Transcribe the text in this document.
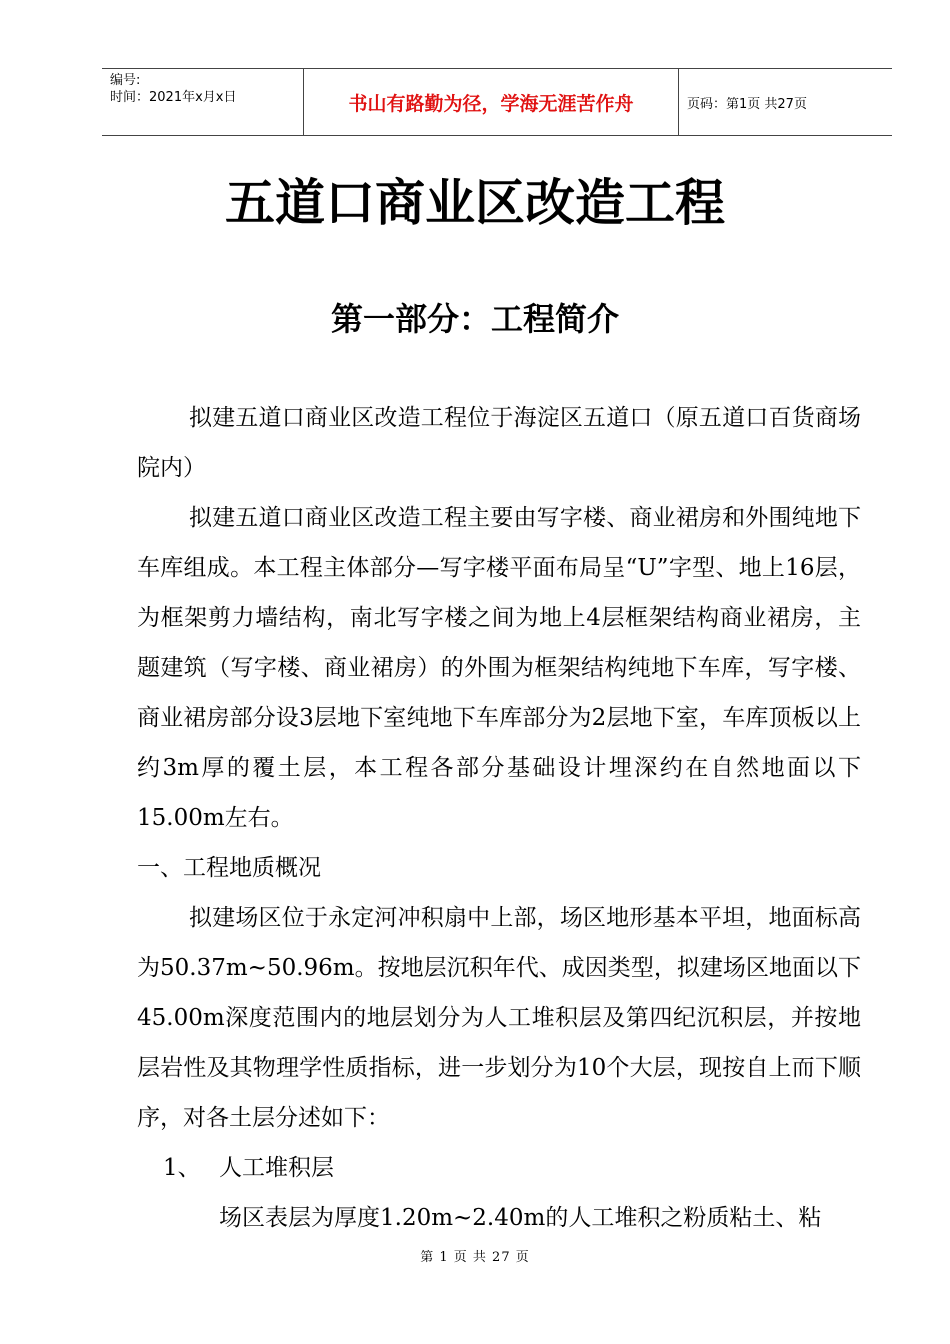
编号:
时间：2021年x月x日	书山有路勤为径，学海无涯苦作舟	页码：第1页 共27页
五道口商业区改造工程
第一部分：工程简介

拟建五道口商业区改造工程位于海淀区五道口（原五道口百货商场院内）

拟建五道口商业区改造工程主要由写字楼、商业裙房和外围纯地下车库组成。本工程主体部分—写字楼平面布局呈“U”字型、地上16层，为框架剪力墙结构，南北写字楼之间为地上4层框架结构商业裙房，主题建筑（写字楼、商业裙房）的外围为框架结构纯地下车库，写字楼、商业裙房部分设3层地下室纯地下车库部分为2层地下室，车库顶板以上约3m厚的覆土层，本工程各部分基础设计埋深约在自然地面以下15.00m左右。

一、工程地质概况

拟建场区位于永定河冲积扇中上部，场区地形基本平坦，地面标高为50.37m~50.96m。按地层沉积年代、成因类型，拟建场区地面以下45.00m深度范围内的地层划分为人工堆积层及第四纪沉积层，并按地层岩性及其物理学性质指标，进一步划分为10个大层，现按自上而下顺序，对各土层分述如下：

1、 人工堆积层

场区表层为厚度1.20m~2.40m的人工堆积之粉质粘土、粘

第 1 页 共 27 页
